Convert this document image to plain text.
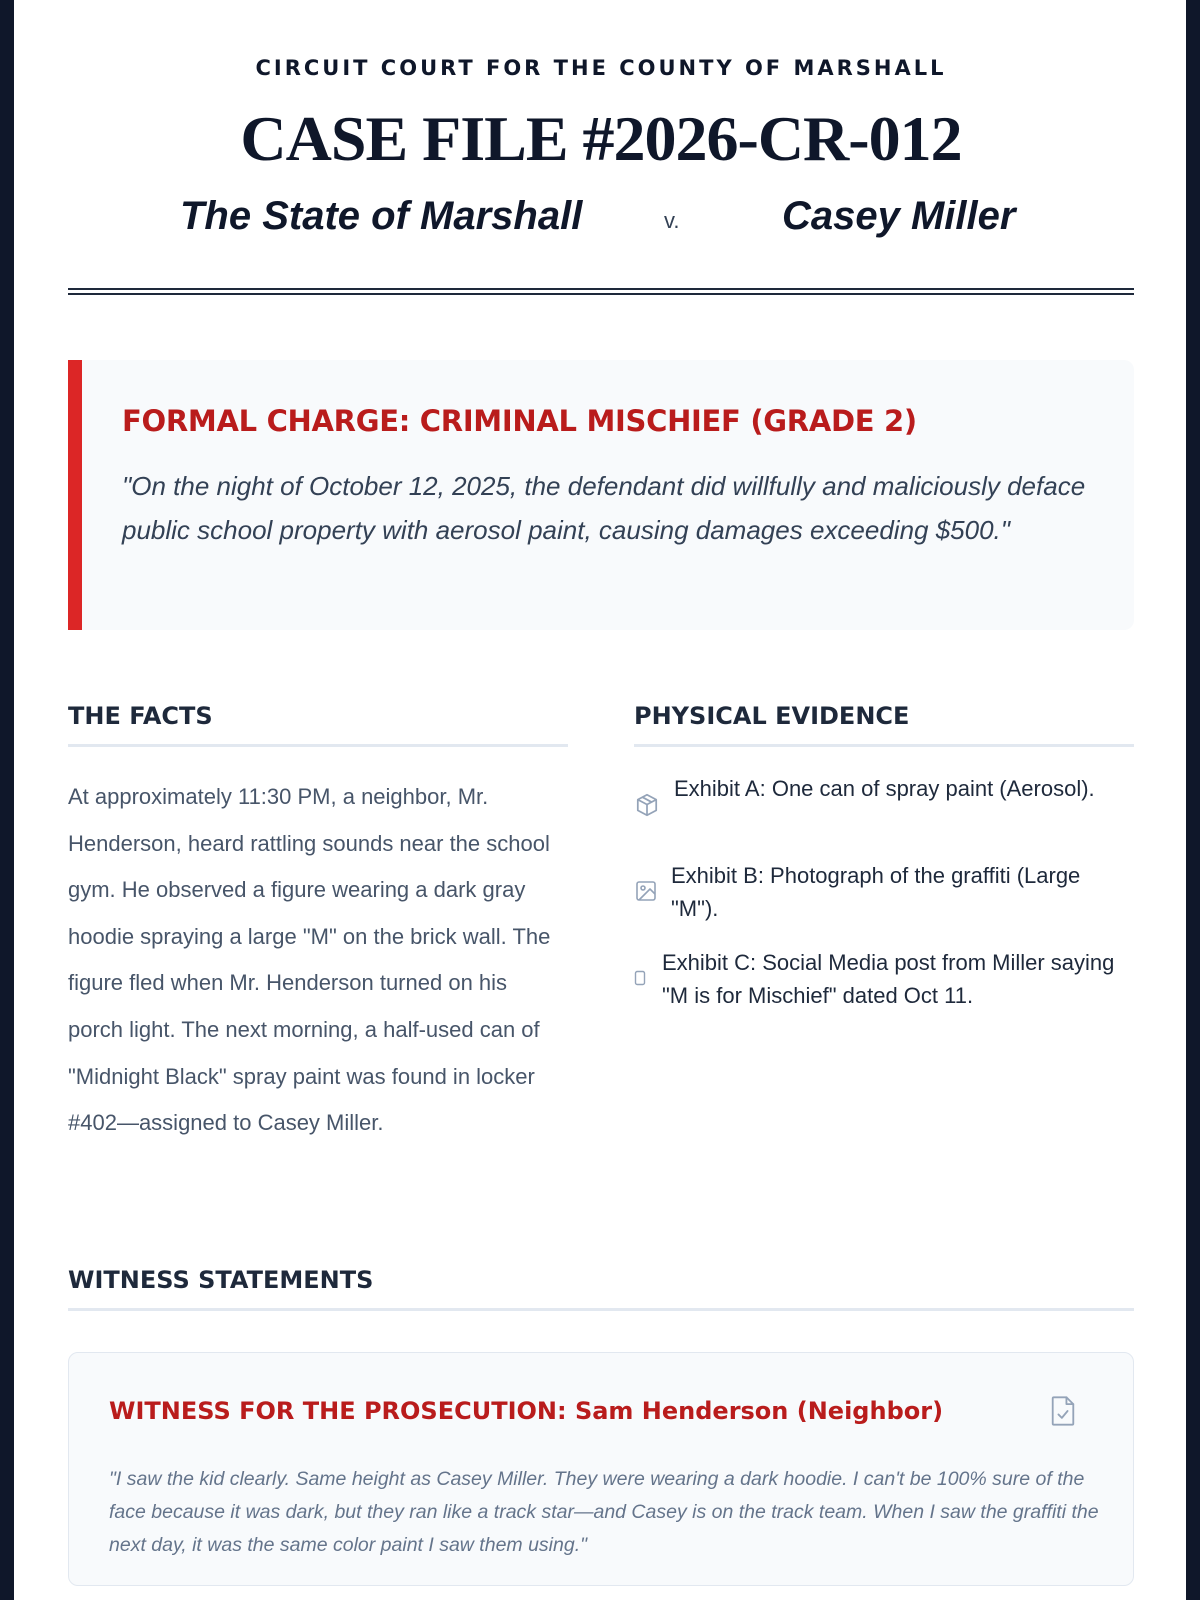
CIRCUIT COURT FOR THE COUNTY OF MARSHALL
CASE FILE #2026-CR-012
The State of Marshall	v.	Casey Miller
FORMAL CHARGE: CRIMINAL MISCHIEF (GRADE 2)
"On the night of October 12, 2025, the defendant did willfully and maliciously deface public school property with aerosol paint, causing damages exceeding $500."
THE FACTS
At approximately 11:30 PM, a neighbor, Mr. Henderson, heard rattling sounds near the school gym. He observed a figure wearing a dark gray hoodie spraying a large "M" on the brick wall. The figure fled when Mr. Henderson turned on his porch light. The next morning, a half-used can of "Midnight Black" spray paint was found in locker #402—assigned to Casey Miller.
PHYSICAL EVIDENCE
Exhibit A: One can of spray paint (Aerosol).
Exhibit B: Photograph of the graffiti (Large "M").
Exhibit C: Social Media post from Miller saying "M is for Mischief" dated Oct 11.
WITNESS STATEMENTS
WITNESS FOR THE PROSECUTION: Sam Henderson (Neighbor)
"I saw the kid clearly. Same height as Casey Miller. They were wearing a dark hoodie. I can't be 100% sure of the face because it was dark, but they ran like a track star—and Casey is on the track team. When I saw the graffiti the next day, it was the same color paint I saw them using."
